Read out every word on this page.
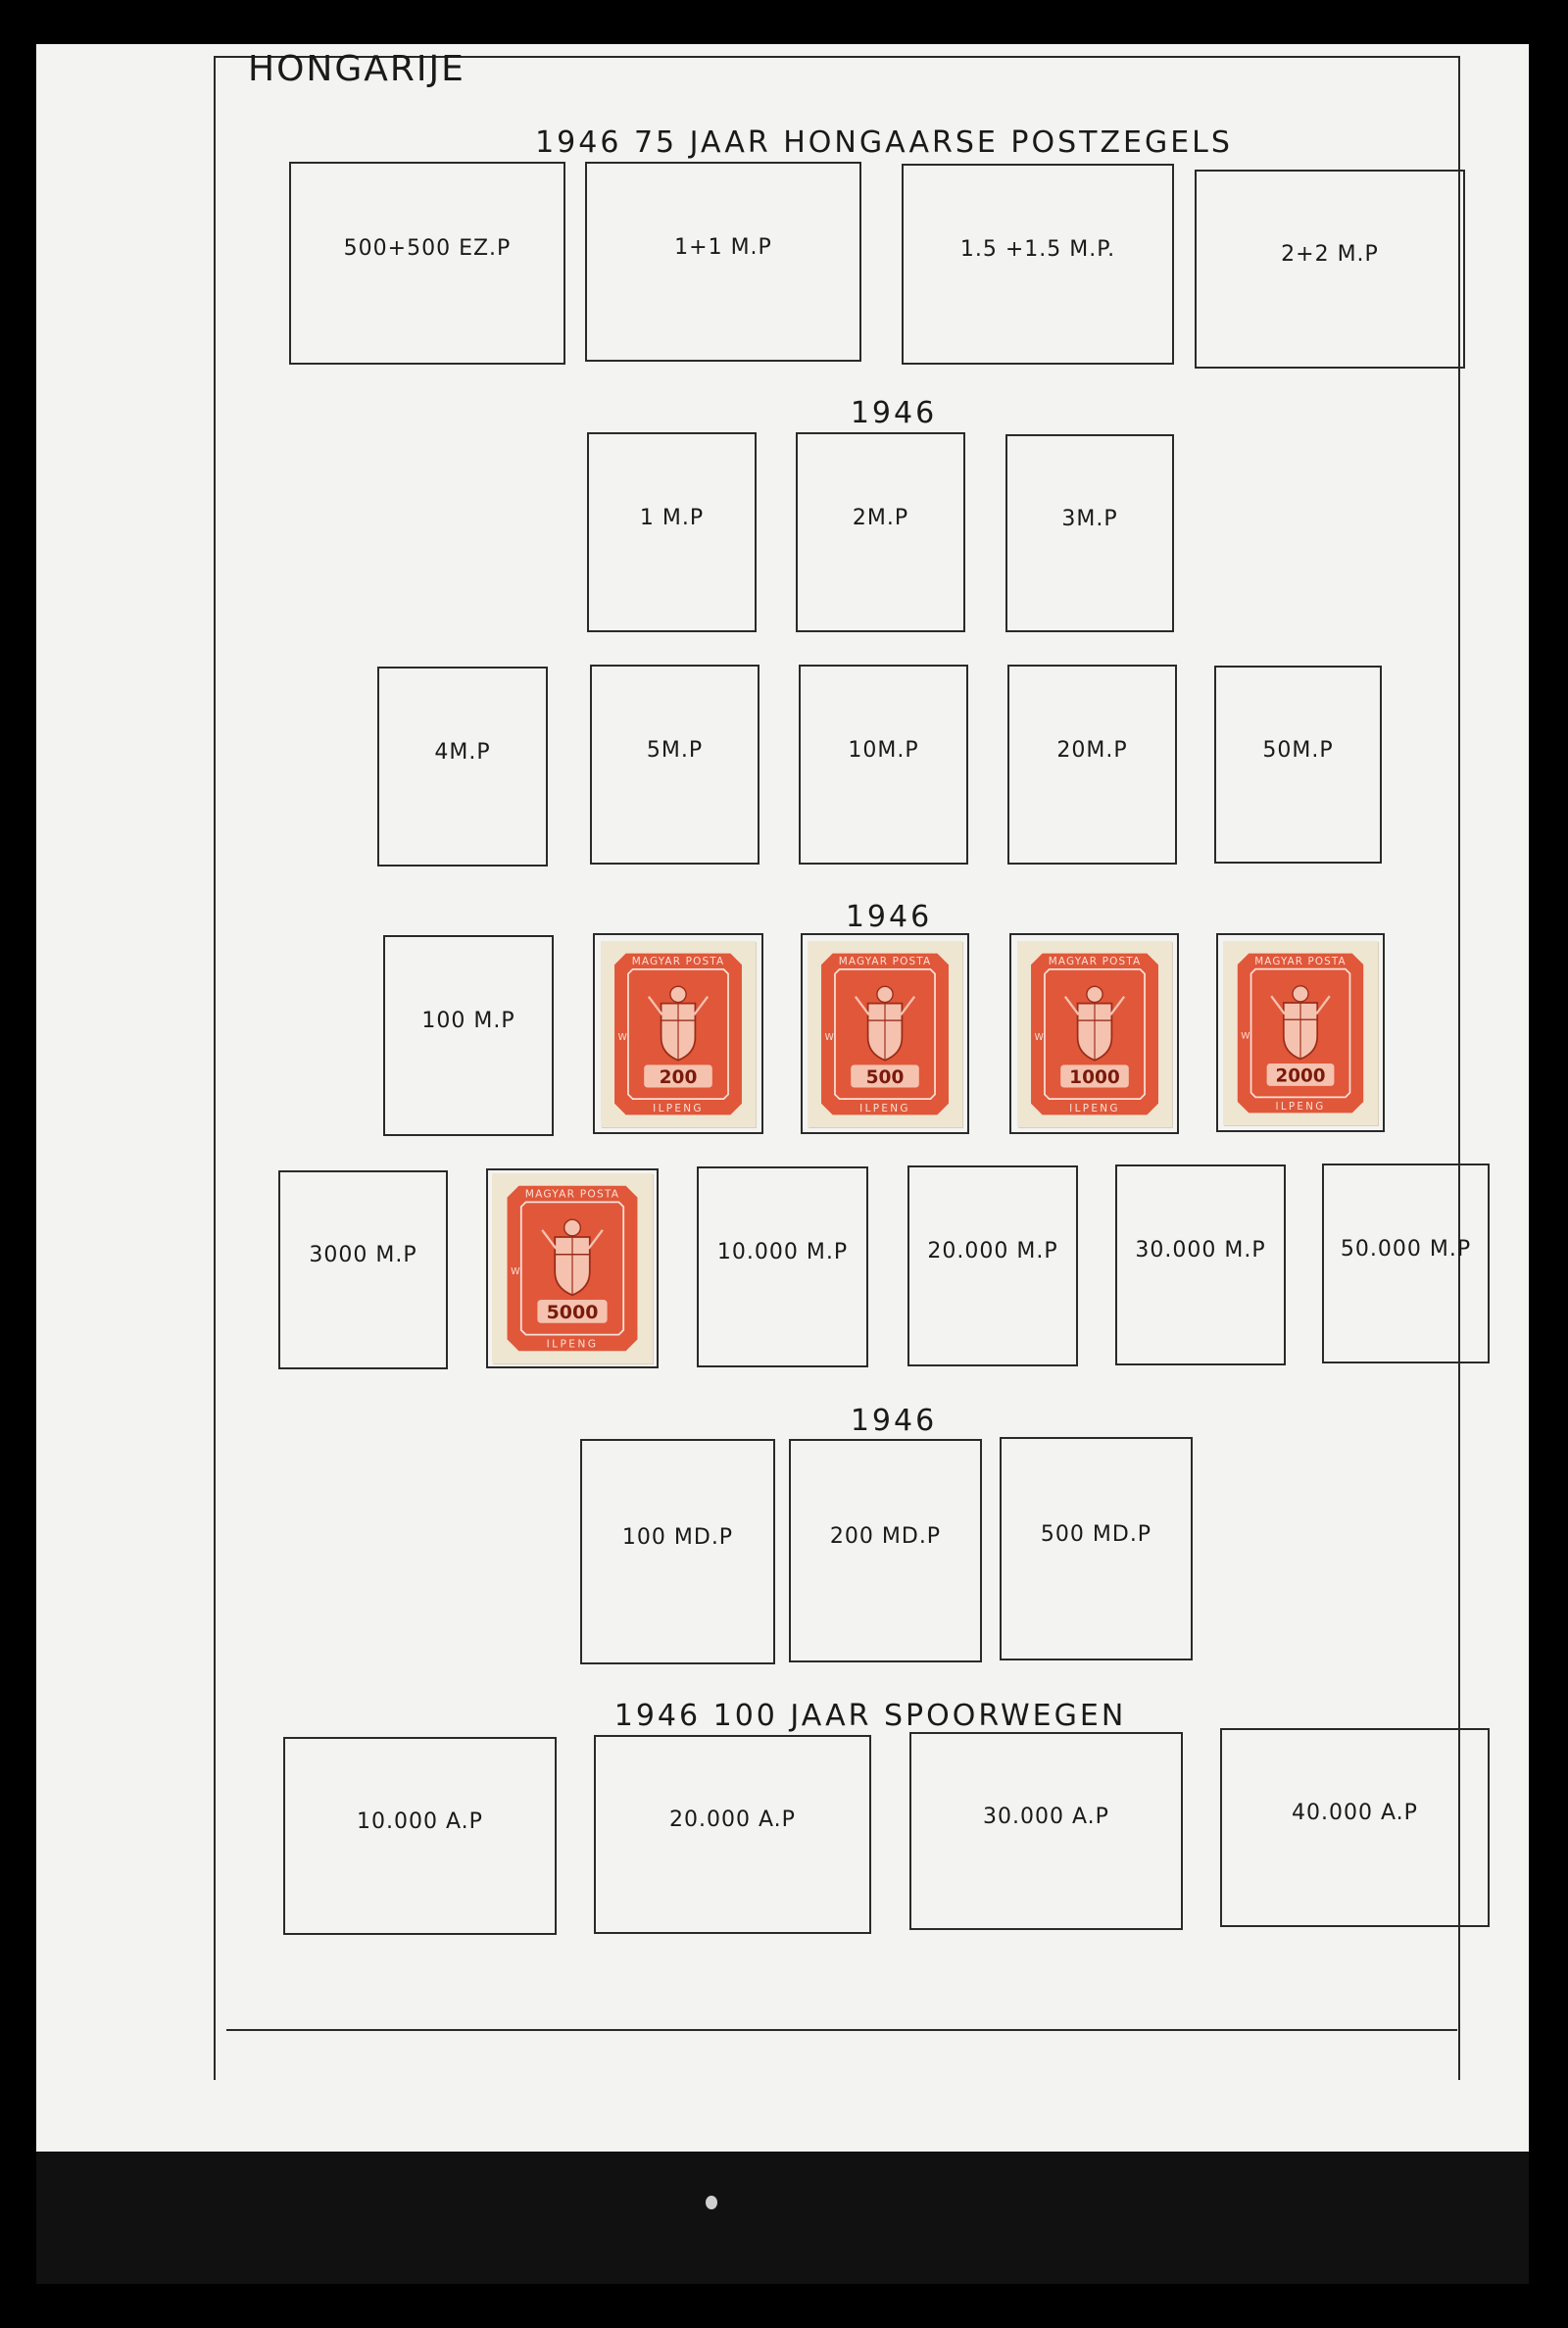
HONGARIJE
1946 75 JAAR HONGAARSE POSTZEGELS
1946
1946
1946
1946 100 JAAR SPOORWEGEN
500+500 EZ.P	1+1 M.P	1.5 +1.5 M.P.	2+2 M.P
1 M.P	2M.P	3M.P
4M.P	5M.P	10M.P	20M.P	50M.P
100 M.P
MAGYAR POSTA
ILPENG
W
200
MAGYAR POSTA
ILPENG
W
500
MAGYAR POSTA
ILPENG
W
1000
MAGYAR POSTA
ILPENG
W
2000
3000 M.P
MAGYAR POSTA
ILPENG
W
5000
10.000 M.P	20.000 M.P	30.000 M.P	50.000 M.P
100 MD.P	200 MD.P	500 MD.P
10.000 A.P	20.000 A.P	30.000 A.P	40.000 A.P
